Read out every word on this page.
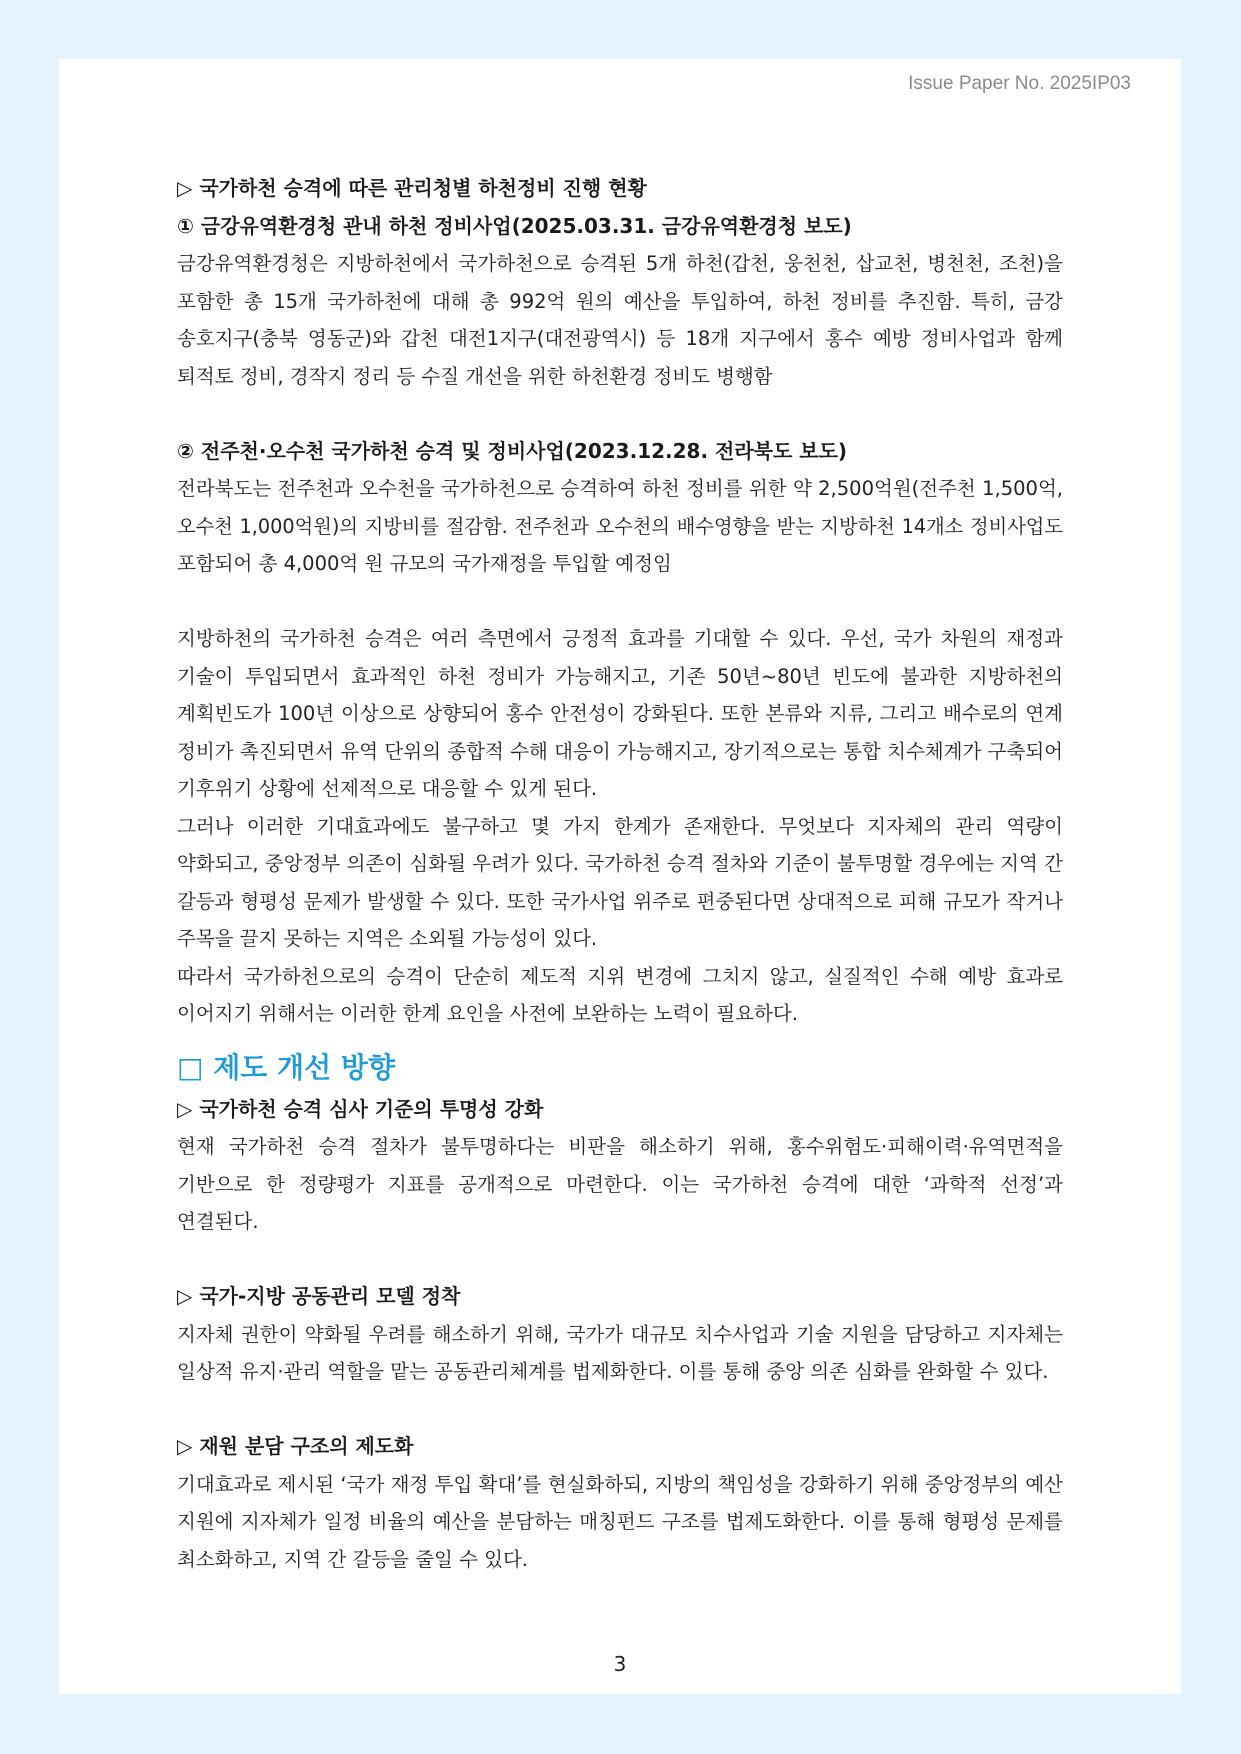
Issue Paper No. 2025IP03
▷ 국가하천 승격에 따른 관리청별 하천정비 진행 현황
① 금강유역환경청 관내 하천 정비사업(2025.03.31. 금강유역환경청 보도)
금강유역환경청은 지방하천에서 국가하천으로 승격된 5개 하천(갑천, 웅천천, 삽교천, 병천천, 조천)을
포함한 총 15개 국가하천에 대해 총 992억 원의 예산을 투입하여, 하천 정비를 추진함. 특히, 금강
송호지구(충북 영동군)와 갑천 대전1지구(대전광역시) 등 18개 지구에서 홍수 예방 정비사업과 함께
퇴적토 정비, 경작지 정리 등 수질 개선을 위한 하천환경 정비도 병행함
② 전주천·오수천 국가하천 승격 및 정비사업(2023.12.28. 전라북도 보도)
전라북도는 전주천과 오수천을 국가하천으로 승격하여 하천 정비를 위한 약 2,500억원(전주천 1,500억,
오수천 1,000억원)의 지방비를 절감함. 전주천과 오수천의 배수영향을 받는 지방하천 14개소 정비사업도
포함되어 총 4,000억 원 규모의 국가재정을 투입할 예정임
지방하천의 국가하천 승격은 여러 측면에서 긍정적 효과를 기대할 수 있다. 우선, 국가 차원의 재정과
기술이 투입되면서 효과적인 하천 정비가 가능해지고, 기존 50년~80년 빈도에 불과한 지방하천의
계획빈도가 100년 이상으로 상향되어 홍수 안전성이 강화된다. 또한 본류와 지류, 그리고 배수로의 연계
정비가 촉진되면서 유역 단위의 종합적 수해 대응이 가능해지고, 장기적으로는 통합 치수체계가 구축되어
기후위기 상황에 선제적으로 대응할 수 있게 된다.
그러나 이러한 기대효과에도 불구하고 몇 가지 한계가 존재한다. 무엇보다 지자체의 관리 역량이
약화되고, 중앙정부 의존이 심화될 우려가 있다. 국가하천 승격 절차와 기준이 불투명할 경우에는 지역 간
갈등과 형평성 문제가 발생할 수 있다. 또한 국가사업 위주로 편중된다면 상대적으로 피해 규모가 작거나
주목을 끌지 못하는 지역은 소외될 가능성이 있다.
따라서 국가하천으로의 승격이 단순히 제도적 지위 변경에 그치지 않고, 실질적인 수해 예방 효과로
이어지기 위해서는 이러한 한계 요인을 사전에 보완하는 노력이 필요하다.
□ 제도 개선 방향
▷ 국가하천 승격 심사 기준의 투명성 강화
현재 국가하천 승격 절차가 불투명하다는 비판을 해소하기 위해, 홍수위험도·피해이력·유역면적을
기반으로 한 정량평가 지표를 공개적으로 마련한다. 이는 국가하천 승격에 대한 ‘과학적 선정’과
연결된다.
▷ 국가-지방 공동관리 모델 정착
지자체 권한이 약화될 우려를 해소하기 위해, 국가가 대규모 치수사업과 기술 지원을 담당하고 지자체는
일상적 유지·관리 역할을 맡는 공동관리체계를 법제화한다. 이를 통해 중앙 의존 심화를 완화할 수 있다.
▷ 재원 분담 구조의 제도화
기대효과로 제시된 ‘국가 재정 투입 확대’를 현실화하되, 지방의 책임성을 강화하기 위해 중앙정부의 예산
지원에 지자체가 일정 비율의 예산을 분담하는 매칭펀드 구조를 법제도화한다. 이를 통해 형평성 문제를
최소화하고, 지역 간 갈등을 줄일 수 있다.
3
